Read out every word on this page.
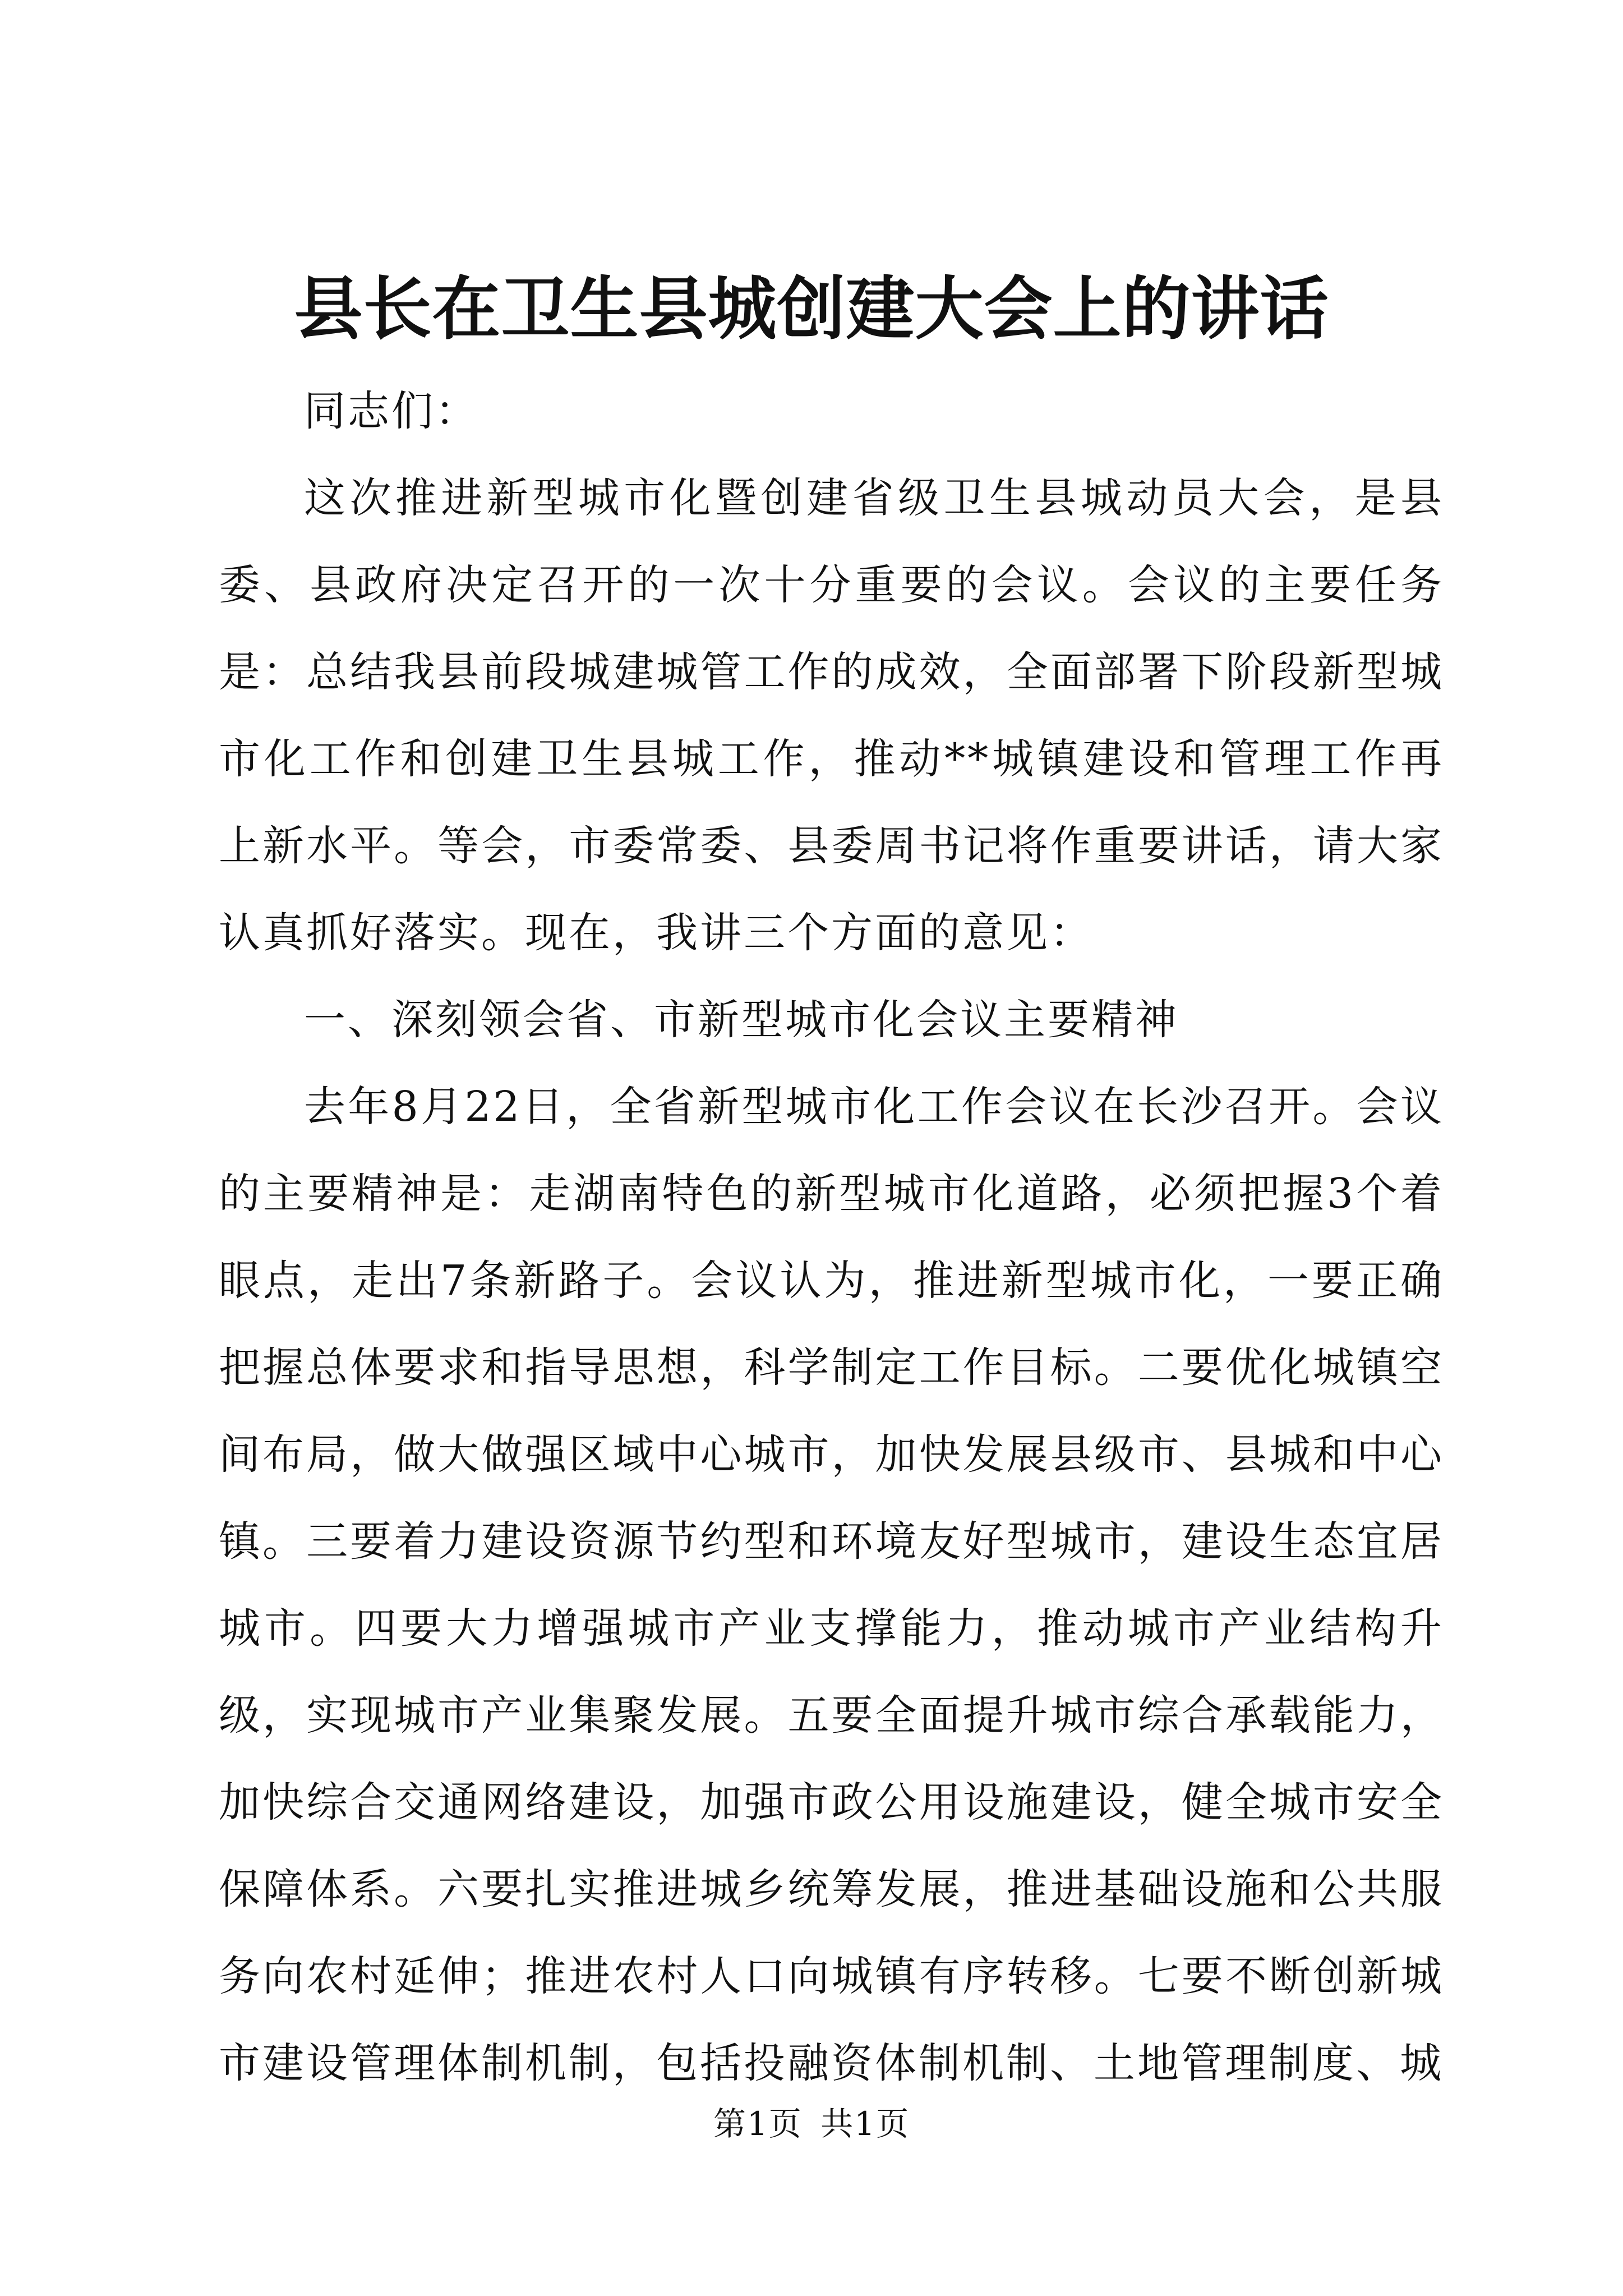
县长在卫生县城创建大会上的讲话

同志们：

这次推进新型城市化暨创建省级卫生县城动员大会，是县委、县政府决定召开的一次十分重要的会议。会议的主要任务是：总结我县前段城建城管工作的成效，全面部署下阶段新型城市化工作和创建卫生县城工作，推动**城镇建设和管理工作再上新水平。等会，市委常委、县委周书记将作重要讲话，请大家认真抓好落实。现在，我讲三个方面的意见：

一、深刻领会省、市新型城市化会议主要精神

去年8月22日，全省新型城市化工作会议在长沙召开。会议的主要精神是：走湖南特色的新型城市化道路，必须把握3个着眼点，走出7条新路子。会议认为，推进新型城市化，一要正确把握总体要求和指导思想，科学制定工作目标。二要优化城镇空间布局，做大做强区域中心城市，加快发展县级市、县城和中心镇。三要着力建设资源节约型和环境友好型城市，建设生态宜居城市。四要大力增强城市产业支撑能力，推动城市产业结构升级，实现城市产业集聚发展。五要全面提升城市综合承载能力，加快综合交通网络建设，加强市政公用设施建设，健全城市安全保障体系。六要扎实推进城乡统筹发展，推进基础设施和公共服务向农村延伸；推进农村人口向城镇有序转移。七要不断创新城市建设管理体制机制，包括投融资体制机制、土地管理制度、城

第1页 共1页
